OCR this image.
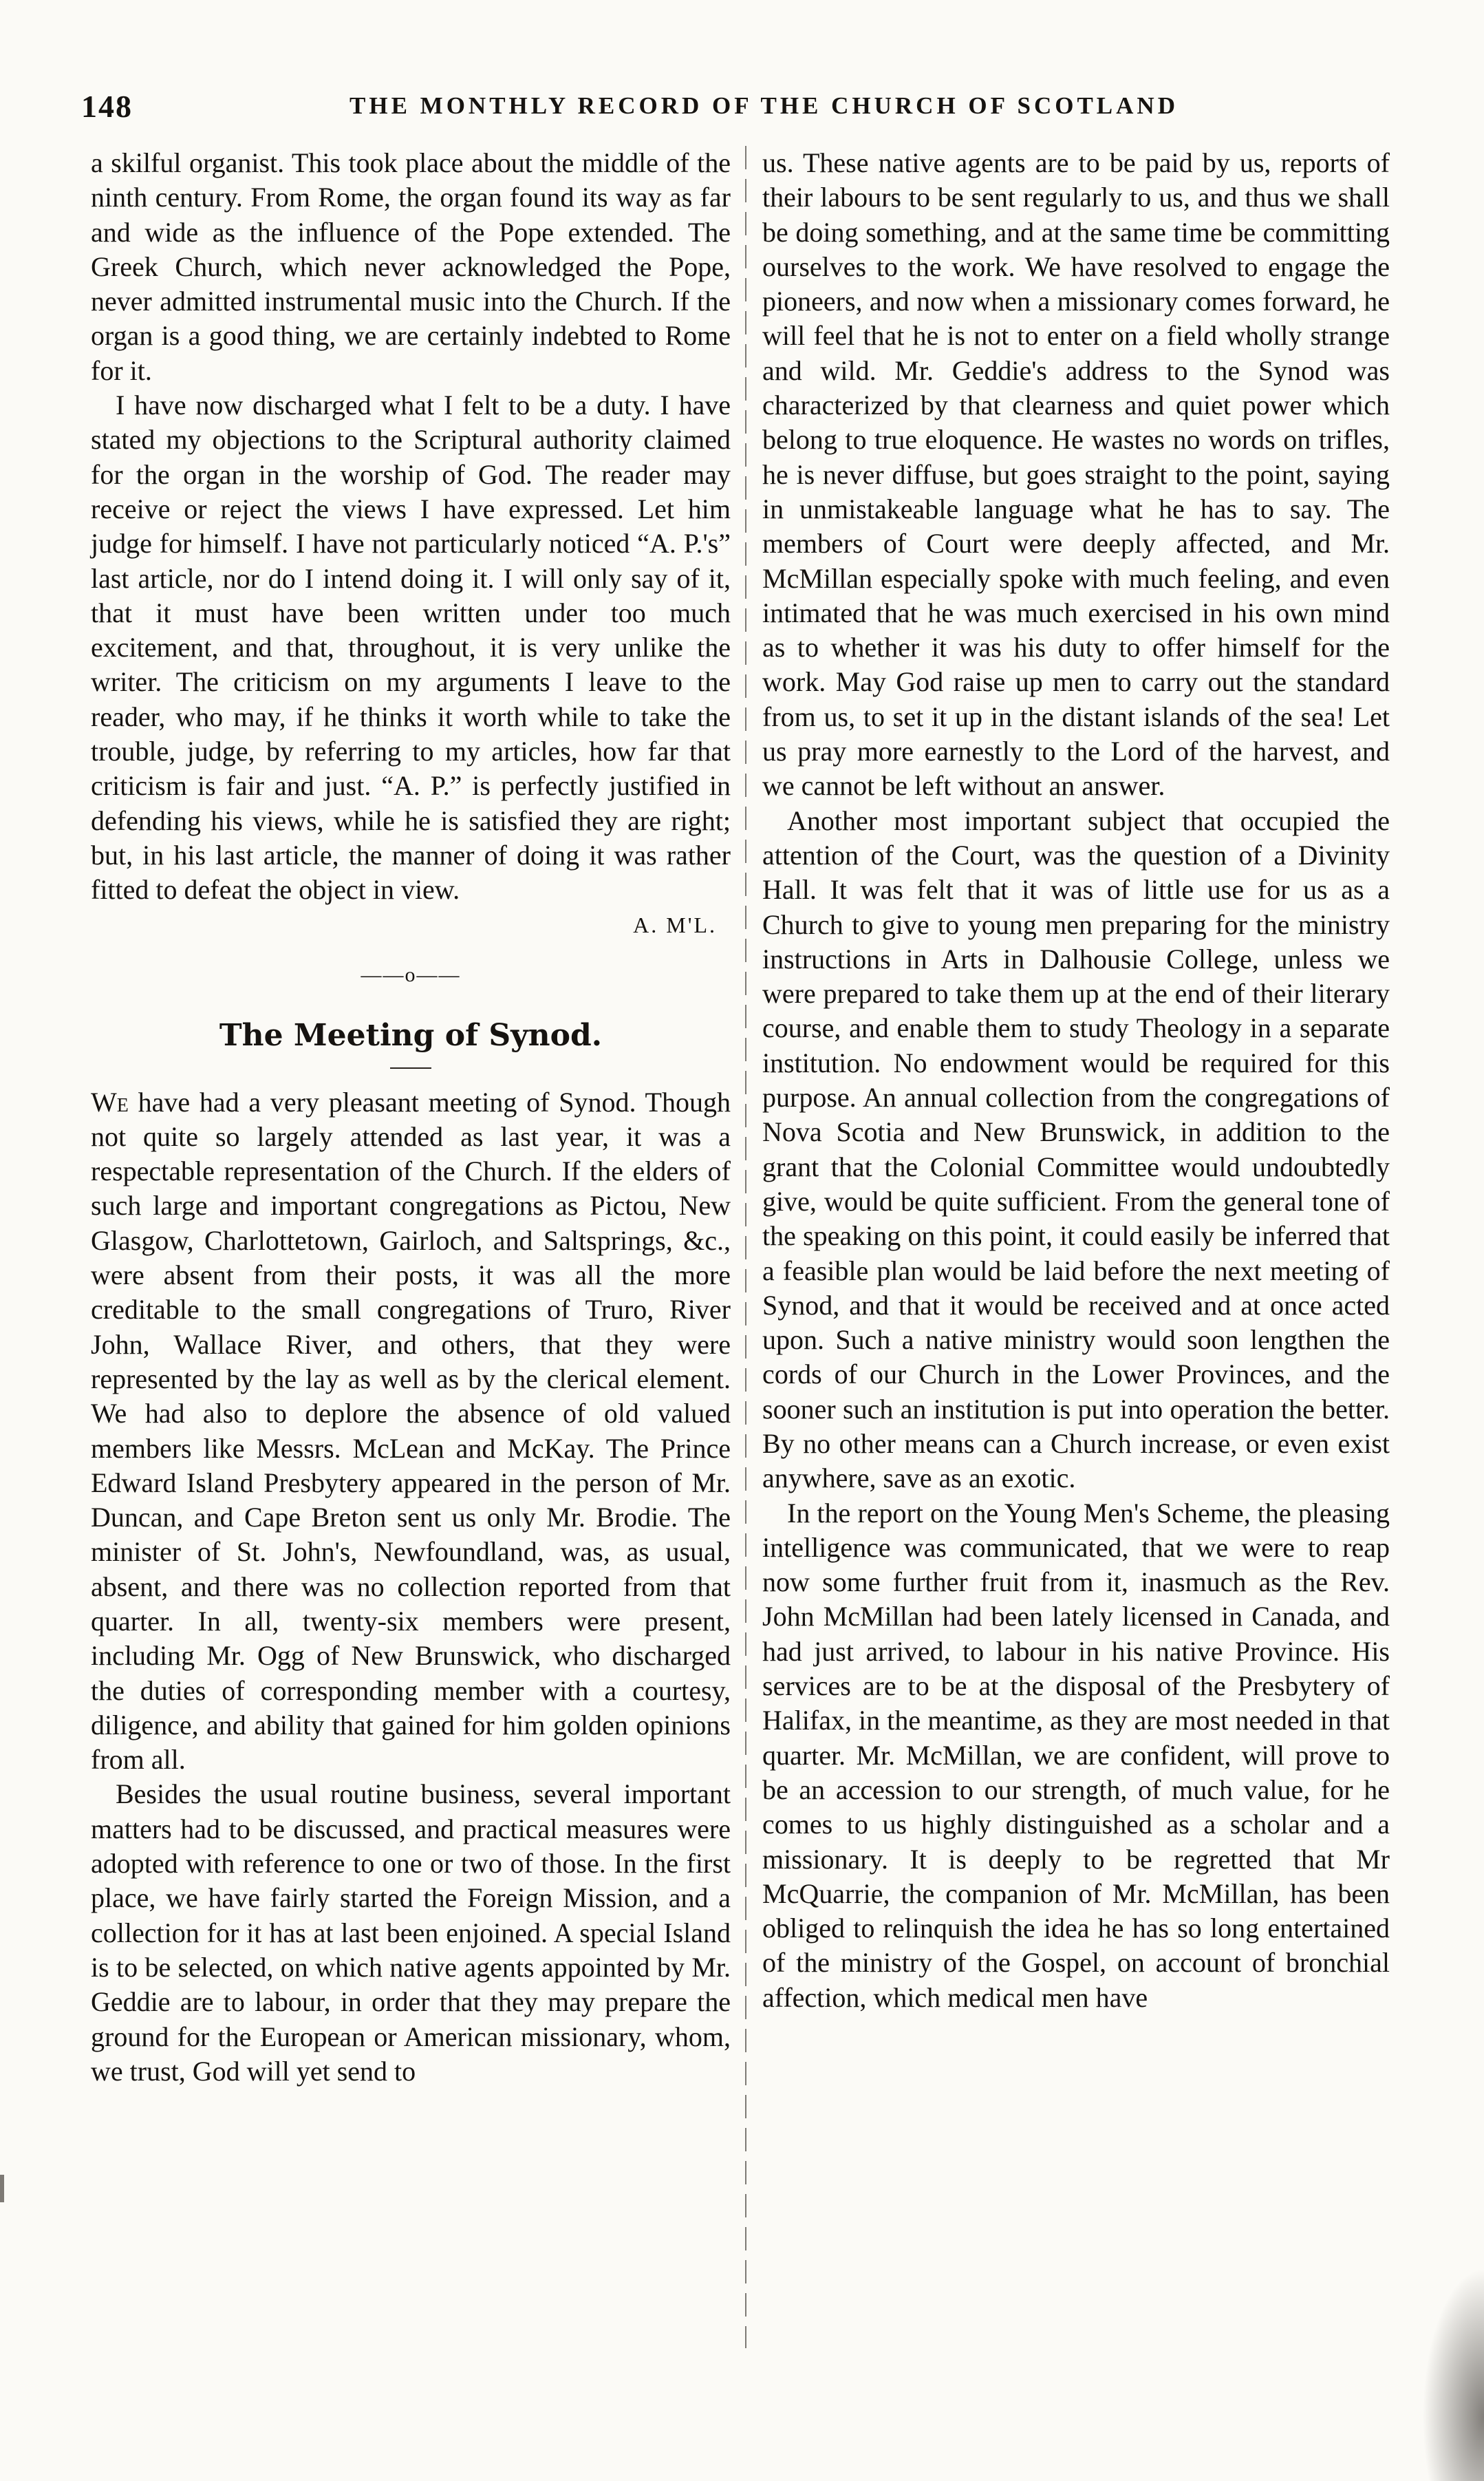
148	THE MONTHLY RECORD OF THE CHURCH OF SCOTLAND

a skilful organist. This took place about the middle of the ninth century. From Rome, the organ found its way as far and wide as the influence of the Pope extended. The Greek Church, which never acknowledged the Pope, never admitted instrumental music into the Church. If the organ is a good thing, we are certainly indebted to Rome for it.

I have now discharged what I felt to be a duty. I have stated my objections to the Scriptural authority claimed for the organ in the worship of God. The reader may receive or reject the views I have expressed. Let him judge for himself. I have not particularly noticed “A. P.'s” last article, nor do I intend doing it. I will only say of it, that it must have been written under too much excitement, and that, throughout, it is very unlike the writer. The criticism on my arguments I leave to the reader, who may, if he thinks it worth while to take the trouble, judge, by referring to my articles, how far that criticism is fair and just. “A. P.” is perfectly justified in defending his views, while he is satisfied they are right; but, in his last article, the manner of doing it was rather fitted to defeat the object in view.

A. M'L.
——o——
The Meeting of Synod.

We have had a very pleasant meeting of Synod. Though not quite so largely attended as last year, it was a respectable representation of the Church. If the elders of such large and important congregations as Pictou, New Glasgow, Charlottetown, Gairloch, and Saltsprings, &c., were absent from their posts, it was all the more creditable to the small congregations of Truro, River John, Wallace River, and others, that they were represented by the lay as well as by the clerical element. We had also to deplore the absence of old valued members like Messrs. McLean and McKay. The Prince Edward Island Presbytery appeared in the person of Mr. Duncan, and Cape Breton sent us only Mr. Brodie. The minister of St. John's, Newfoundland, was, as usual, absent, and there was no collection reported from that quarter. In all, twenty-six members were present, including Mr. Ogg of New Brunswick, who discharged the duties of corresponding member with a courtesy, diligence, and ability that gained for him golden opinions from all.

Besides the usual routine business, several important matters had to be discussed, and practical measures were adopted with reference to one or two of those. In the first place, we have fairly started the Foreign Mission, and a collection for it has at last been enjoined. A special Island is to be selected, on which native agents appointed by Mr. Geddie are to labour, in order that they may prepare the ground for the European or American missionary, whom, we trust, God will yet send to

us. These native agents are to be paid by us, reports of their labours to be sent regularly to us, and thus we shall be doing something, and at the same time be committing ourselves to the work. We have resolved to engage the pioneers, and now when a missionary comes forward, he will feel that he is not to enter on a field wholly strange and wild. Mr. Geddie's address to the Synod was characterized by that clearness and quiet power which belong to true eloquence. He wastes no words on trifles, he is never diffuse, but goes straight to the point, saying in unmistakeable language what he has to say. The members of Court were deeply affected, and Mr. McMillan especially spoke with much feeling, and even intimated that he was much exercised in his own mind as to whether it was his duty to offer himself for the work. May God raise up men to carry out the standard from us, to set it up in the distant islands of the sea! Let us pray more earnestly to the Lord of the harvest, and we cannot be left without an answer.

Another most important subject that occupied the attention of the Court, was the question of a Divinity Hall. It was felt that it was of little use for us as a Church to give to young men preparing for the ministry instructions in Arts in Dalhousie College, unless we were prepared to take them up at the end of their literary course, and enable them to study Theology in a separate institution. No endowment would be required for this purpose. An annual collection from the congregations of Nova Scotia and New Brunswick, in addition to the grant that the Colonial Committee would undoubtedly give, would be quite sufficient. From the general tone of the speaking on this point, it could easily be inferred that a feasible plan would be laid before the next meeting of Synod, and that it would be received and at once acted upon. Such a native ministry would soon lengthen the cords of our Church in the Lower Provinces, and the sooner such an institution is put into operation the better. By no other means can a Church increase, or even exist anywhere, save as an exotic.

In the report on the Young Men's Scheme, the pleasing intelligence was communicated, that we were to reap now some further fruit from it, inasmuch as the Rev. John McMillan had been lately licensed in Canada, and had just arrived, to labour in his native Province. His services are to be at the disposal of the Presbytery of Halifax, in the meantime, as they are most needed in that quarter. Mr. McMillan, we are confident, will prove to be an accession to our strength, of much value, for he comes to us highly distinguished as a scholar and a missionary. It is deeply to be regretted that Mr McQuarrie, the companion of Mr. McMillan, has been obliged to relinquish the idea he has so long entertained of the ministry of the Gospel, on account of bronchial affection, which medical men have
